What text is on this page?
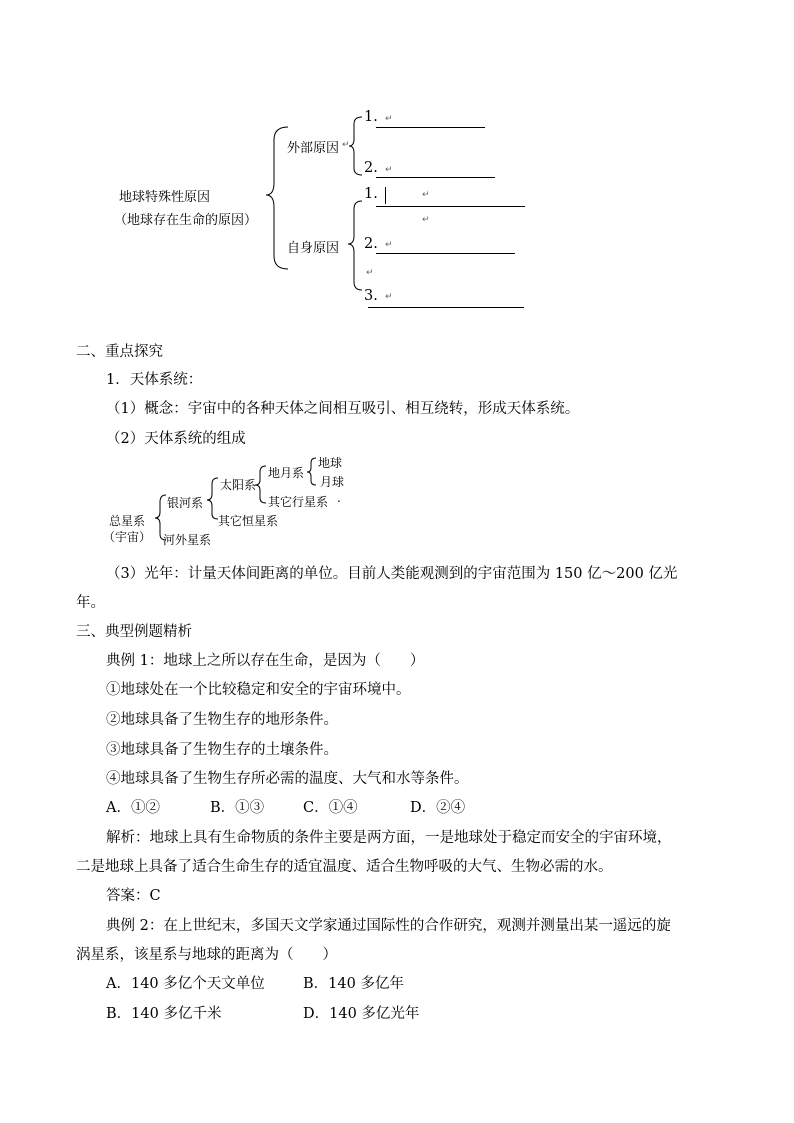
地球特殊性原因
（地球存在生命的原因）
外部原因 ↵
自身原因
1. ↵
2. ↵
1.	↵
↵
2. ↵
↵
3. ↵
二、重点探究
1．天体系统：
（1）概念：宇宙中的各种天体之间相互吸引、相互绕转，形成天体系统。
（2）天体系统的组成
总星系
（宇宙）
银河系
河外星系
太阳系
其它恒星系
地月系
其它行星系 .
地球
月球
（3）光年：计量天体间距离的单位。目前人类能观测到的宇宙范围为 150 亿～200 亿光
年。
三、典型例题精析
典例 1：地球上之所以存在生命，是因为（　　）
①地球处在一个比较稳定和安全的宇宙环境中。
②地球具备了生物生存的地形条件。
③地球具备了生物生存的土壤条件。
④地球具备了生物生存所必需的温度、大气和水等条件。
A．①②	B．①③	C．①④	D．②④
解析：地球上具有生命物质的条件主要是两方面，一是地球处于稳定而安全的宇宙环境，
二是地球上具备了适合生命生存的适宜温度、适合生物呼吸的大气、生物必需的水。
答案：C
典例 2：在上世纪末，多国天文学家通过国际性的合作研究，观测并测量出某一遥远的旋
涡星系，该星系与地球的距离为（　　）
A．140 多亿个天文单位	B．140 多亿年
B．140 多亿千米	D．140 多亿光年
